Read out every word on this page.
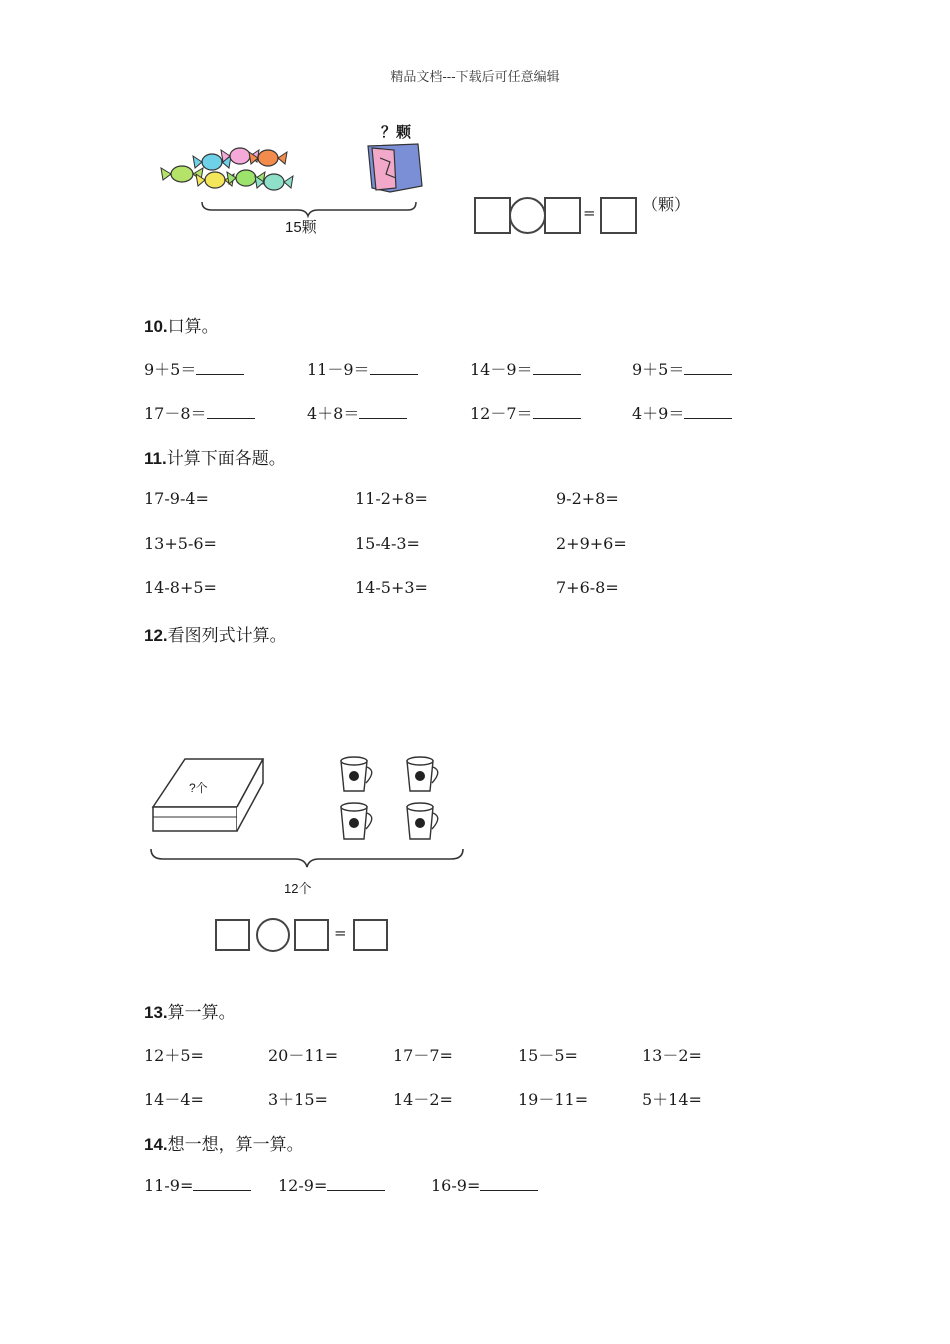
精品文档---下载后可任意编辑
？颗
15颗
=	（颗）
10.口算。
9＋5＝	11－9＝	14－9＝	9＋5＝
17－8＝	4＋8＝	12－7＝	4＋9＝
11.计算下面各题。
17-9-4=	11-2+8=	9-2+8=
13+5-6=	15-4-3=	2+9+6=
14-8+5=	14-5+3=	7+6-8=
12.看图列式计算。
?个
12个
=
13.算一算。
12＋5=	20－11=	17－7=	15－5=	13－2=
14－4=	3＋15=	14－2=	19－11=	5＋14=
14.想一想，算一算。
11-9=	12-9=	16-9=
